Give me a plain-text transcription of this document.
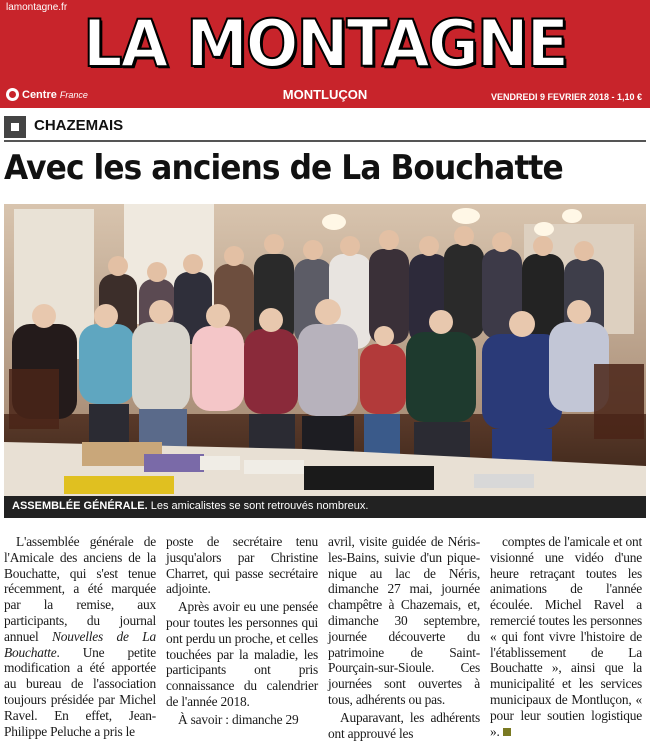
lamontagne.fr LA MONTAGNE
Centre France	MONTLUÇON	VENDREDI 9 FEVRIER 2018 - 1,10 €
CHAZEMAIS
Avec les anciens de La Bouchatte
ASSEMBLÉE GÉNÉRALE. Les amicalistes se sont retrouvés nombreux.

L'assemblée générale de l'Amicale des anciens de la Bouchatte, qui s'est tenue récemment, a été marquée par la remise, aux participants, du journal annuel Nouvelles de La Bouchatte. Une petite modification a été apportée au bureau de l'association toujours présidée par Michel Ravel. En effet, Jean-Philippe Peluche a pris le

poste de secrétaire tenu jusqu'alors par Christine Charret, qui passe secrétaire adjointe.

Après avoir eu une pensée pour toutes les personnes qui ont perdu un proche, et celles touchées par la maladie, les participants ont pris connaissance du calendrier de l'année 2018.

À savoir : dimanche 29

avril, visite guidée de Néris-les-Bains, suivie d'un pique-nique au lac de Néris, dimanche 27 mai, journée champêtre à Chazemais, et, dimanche 30 septembre, journée découverte du patrimoine de Saint-Pourçain-sur-Sioule. Ces journées sont ouvertes à tous, adhérents ou pas.

Auparavant, les adhérents ont approuvé les

comptes de l'amicale et ont visionné une vidéo d'une heure retraçant toutes les animations de l'année écoulée. Michel Ravel a remercié toutes les personnes « qui font vivre l'histoire de l'établissement de La Bouchatte », ainsi que la municipalité et les services municipaux de Montluçon, « pour leur soutien logistique ».
